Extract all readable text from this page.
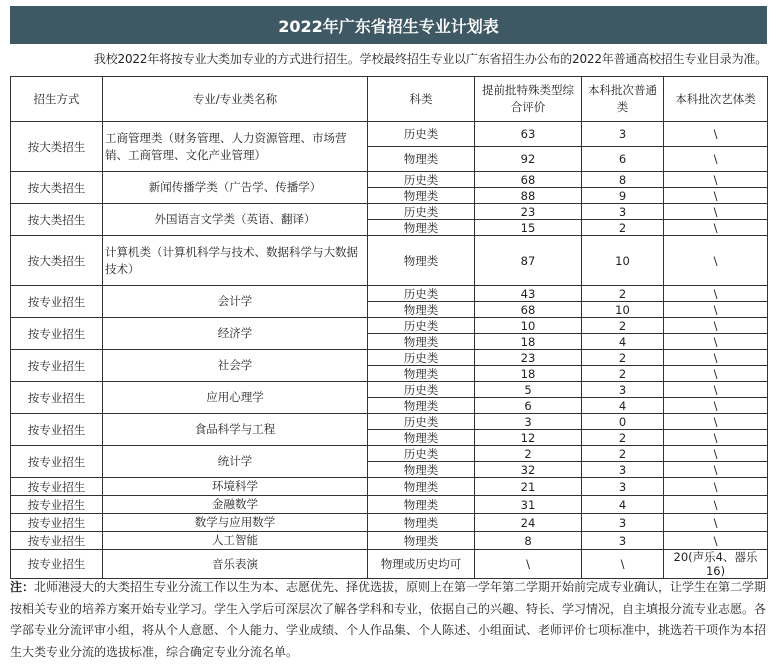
2022年广东省招生专业计划表
我校2022年将按专业大类加专业的方式进行招生。学校最终招生专业以广东省招生办公布的2022年普通高校招生专业目录为准。
招生方式	专业/专业类名称	科类	提前批特殊类型综合评价	本科批次普通类	本科批次艺体类
按大类招生	工商管理类（财务管理、人力资源管理、市场营销、工商管理、文化产业管理）	历史类	63	3	\
		物理类	92	6	\
按大类招生	新闻传播学类（广告学、传播学）	历史类	68	8	\
		物理类	88	9	\
按大类招生	外国语言文学类（英语、翻译）	历史类	23	3	\
		物理类	15	2	\
按大类招生	计算机类（计算机科学与技术、数据科学与大数据技术）	物理类	87	10	\
按专业招生	会计学	历史类	43	2	\
		物理类	68	10	\
按专业招生	经济学	历史类	10	2	\
		物理类	18	4	\
按专业招生	社会学	历史类	23	2	\
		物理类	18	2	\
按专业招生	应用心理学	历史类	5	3	\
		物理类	6	4	\
按专业招生	食品科学与工程	历史类	3	0	\
		物理类	12	2	\
按专业招生	统计学	历史类	2	2	\
		物理类	32	3	\
按专业招生	环境科学	物理类	21	3	\
按专业招生	金融数学	物理类	31	4	\
按专业招生	数学与应用数学	物理类	24	3	\
按专业招生	人工智能	物理类	8	3	\
按专业招生	音乐表演	物理或历史均可	\	\	20(声乐4、器乐16)
注：北师港浸大的大类招生专业分流工作以生为本、志愿优先、择优选拔，原则上在第一学年第二学期开始前完成专业确认，让学生在第二学期按相关专业的培养方案开始专业学习。学生入学后可深层次了解各学科和专业，依据自己的兴趣、特长、学习情况，自主填报分流专业志愿。各学部专业分流评审小组，将从个人意愿、个人能力、学业成绩、个人作品集、个人陈述、小组面试、老师评价七项标准中，挑选若干项作为本招生大类专业分流的选拔标准，综合确定专业分流名单。
